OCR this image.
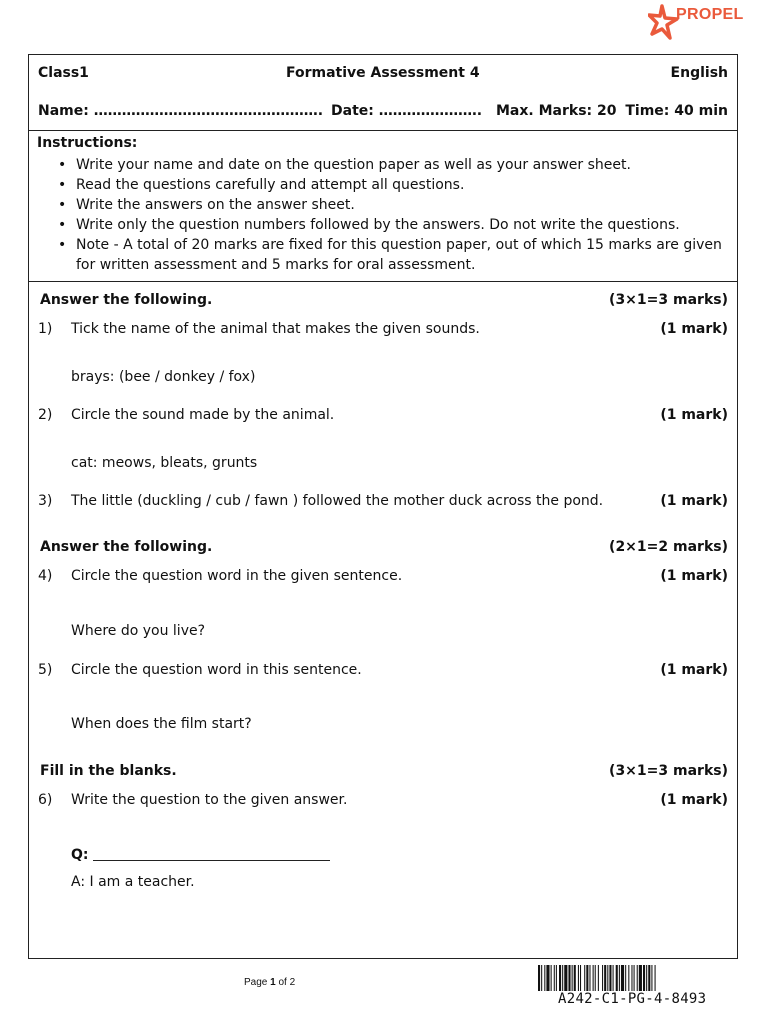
PROPEL
Class1	Formative Assessment 4	English
Name: …………………………………………. Date: …………………. Max. Marks: 20 Time: 40 min
Instructions:
• Write your name and date on the question paper as well as your answer sheet.
• Read the questions carefully and attempt all questions.
• Write the answers on the answer sheet.
• Write only the question numbers followed by the answers. Do not write the questions.
• Note - A total of 20 marks are fixed for this question paper, out of which 15 marks are given for written assessment and 5 marks for oral assessment.
Answer the following.	(3×1=3 marks)
1) Tick the name of the animal that makes the given sounds.	(1 mark)
brays: (bee / donkey / fox)
2) Circle the sound made by the animal.	(1 mark)
cat: meows, bleats, grunts
3) The little (duckling / cub / fawn ) followed the mother duck across the pond.	(1 mark)
Answer the following.	(2×1=2 marks)
4) Circle the question word in the given sentence.	(1 mark)
Where do you live?
5) Circle the question word in this sentence.	(1 mark)
When does the film start?
Fill in the blanks.	(3×1=3 marks)
6) Write the question to the given answer.	(1 mark)
Q:
A: I am a teacher.
Page 1 of 2
A242-C1-PG-4-8493
